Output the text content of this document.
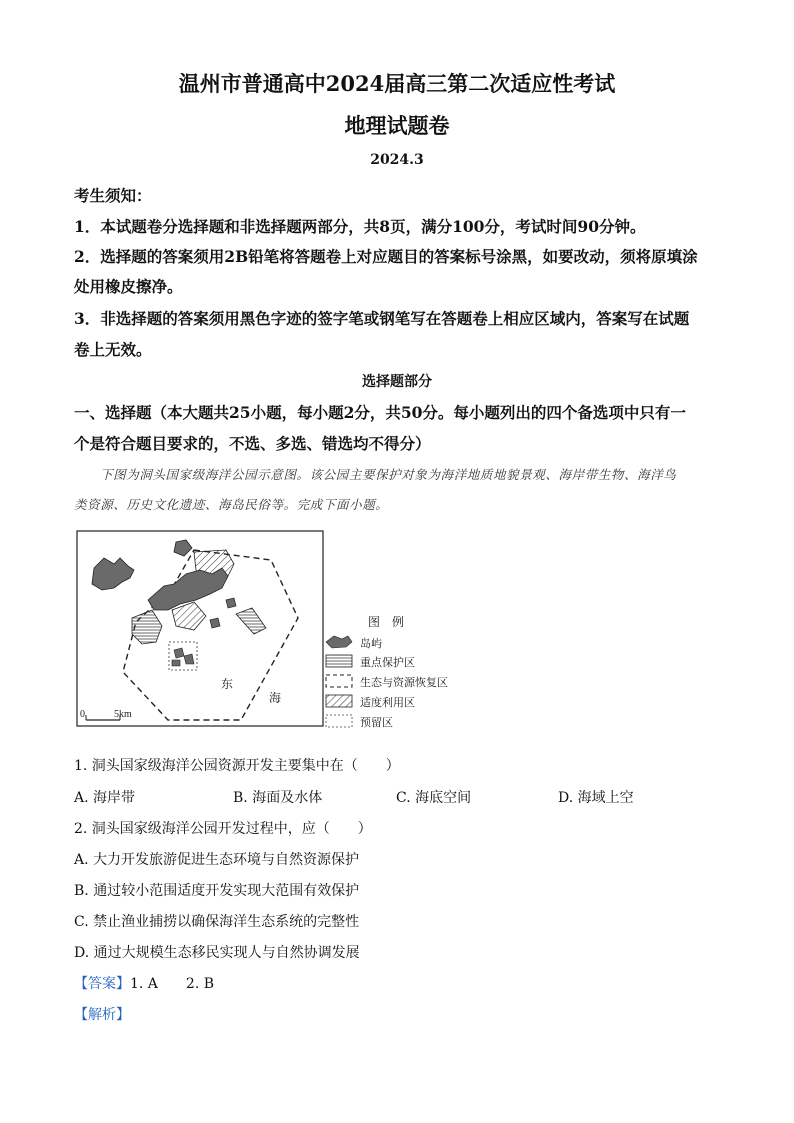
温州市普通高中2024届高三第二次适应性考试
地理试题卷
2024.3
考生须知：
1．本试题卷分选择题和非选择题两部分，共8页，满分100分，考试时间90分钟。
2．选择题的答案须用2B铅笔将答题卷上对应题目的答案标号涂黑，如要改动，须将原填涂
处用橡皮擦净。
3．非选择题的答案须用黑色字迹的签字笔或钢笔写在答题卷上相应区域内，答案写在试题
卷上无效。
选择题部分
一、选择题（本大题共25小题，每小题2分，共50分。每小题列出的四个备选项中只有一
个是符合题目要求的，不选、多选、错选均不得分）
下图为洞头国家级海洋公园示意图。该公园主要保护对象为海洋地质地貌景观、海岸带生物、海洋鸟
类资源、历史文化遗迹、海岛民俗等。完成下面小题。
东
海
0	5km
图　例
岛屿
重点保护区
生态与资源恢复区
适度利用区
预留区
1. 洞头国家级海洋公园资源开发主要集中在（　　）
A. 海岸带	B. 海面及水体	C. 海底空间	D. 海域上空
2. 洞头国家级海洋公园开发过程中，应（　　）
A. 大力开发旅游促进生态环境与自然资源保护
B. 通过较小范围适度开发实现大范围有效保护
C. 禁止渔业捕捞以确保海洋生态系统的完整性
D. 通过大规模生态移民实现人与自然协调发展
【答案】1. A　　2. B
【解析】
